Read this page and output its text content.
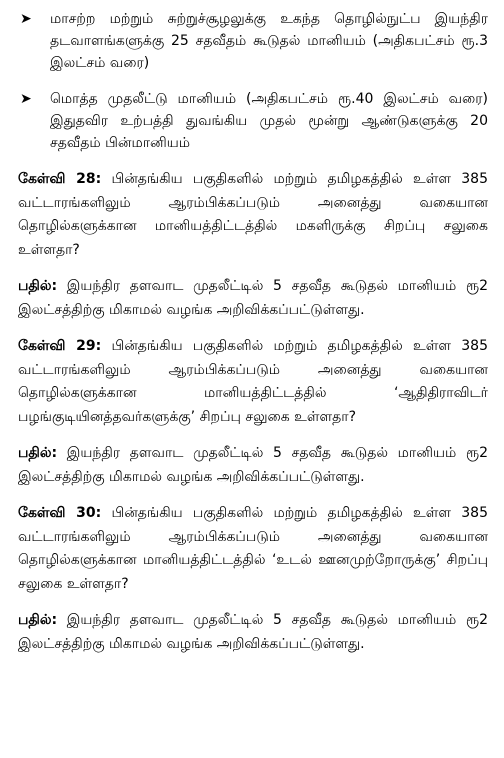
➤	மாசற்ற மற்றும் சுற்றுச்சூழலுக்கு உகந்த தொழில்நுட்ப இயந்திர தடவாளங்களுக்கு 25 சதவீதம் கூடுதல் மானியம் (அதிகபட்சம் ரூ.3 இலட்சம் வரை)
➤	மொத்த முதலீட்டு மானியம் (அதிகபட்சம் ரூ.40 இலட்சம் வரை) இதுதவிர உற்பத்தி துவங்கிய முதல் மூன்று ஆண்டுகளுக்கு 20 சதவீதம் பின்மானியம்

கேள்வி 28: பின்தங்கிய பகுதிகளில் மற்றும் தமிழகத்தில் உள்ள 385 வட்டாரங்களிலும் ஆரம்பிக்கப்படும் அனைத்து வகையான தொழில்களுக்கான மானியத்திட்டத்தில் மகளிருக்கு சிறப்பு சலுகை உள்ளதா?

பதில்: இயந்திர தளவாட முதலீட்டில் 5 சதவீத கூடுதல் மானியம் ரூ2 இலட்சத்திற்கு மிகாமல் வழங்க அறிவிக்கப்பட்டுள்ளது.

கேள்வி 29: பின்தங்கிய பகுதிகளில் மற்றும் தமிழகத்தில் உள்ள 385 வட்டாரங்களிலும் ஆரம்பிக்கப்படும் அனைத்து வகையான தொழில்களுக்கான மானியத்திட்டத்தில் ‘ஆதிதிராவிடர் பழங்குடியினத்தவர்களுக்கு’ சிறப்பு சலுகை உள்ளதா?

பதில்: இயந்திர தளவாட முதலீட்டில் 5 சதவீத கூடுதல் மானியம் ரூ2 இலட்சத்திற்கு மிகாமல் வழங்க அறிவிக்கப்பட்டுள்ளது.

கேள்வி 30: பின்தங்கிய பகுதிகளில் மற்றும் தமிழகத்தில் உள்ள 385 வட்டாரங்களிலும் ஆரம்பிக்கப்படும் அனைத்து வகையான தொழில்களுக்கான மானியத்திட்டத்தில் ‘உடல் ஊனமுற்றோருக்கு’ சிறப்பு சலுகை உள்ளதா?

பதில்: இயந்திர தளவாட முதலீட்டில் 5 சதவீத கூடுதல் மானியம் ரூ2 இலட்சத்திற்கு மிகாமல் வழங்க அறிவிக்கப்பட்டுள்ளது.
